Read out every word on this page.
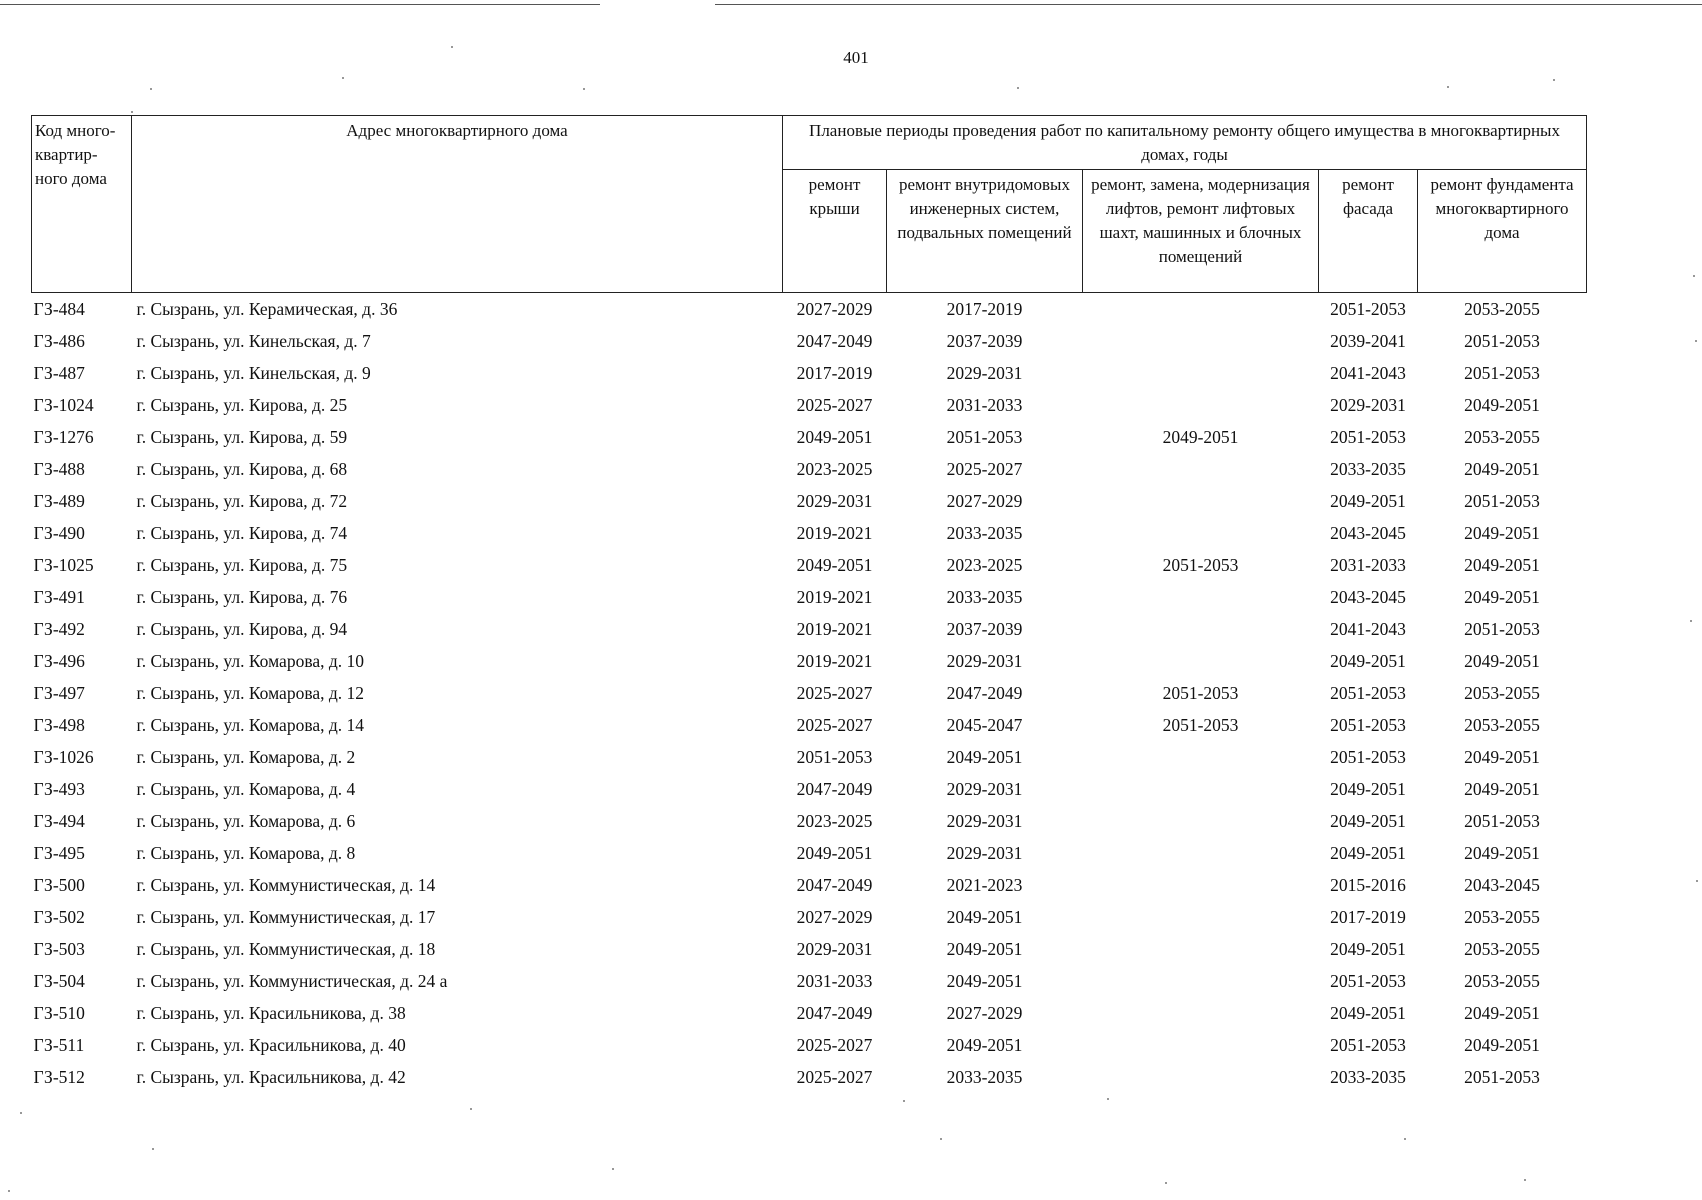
401
Код много-квартир-ного дома	Адрес многоквартирного дома	Плановые периоды проведения работ по капитальному ремонту общего имущества в многоквартирных домах, годы				
		ремонт крыши	ремонт внутридомовых инженерных систем, подвальных помещений	ремонт, замена, модернизация лифтов, ремонт лифтовых шахт, машинных и блочных помещений	ремонт фасада	ремонт фундамента многоквартирного дома
ГЗ-484	г. Сызрань, ул. Керамическая, д. 36	2027-2029	2017-2019		2051-2053	2053-2055
ГЗ-486	г. Сызрань, ул. Кинельская, д. 7	2047-2049	2037-2039		2039-2041	2051-2053
ГЗ-487	г. Сызрань, ул. Кинельская, д. 9	2017-2019	2029-2031		2041-2043	2051-2053
ГЗ-1024	г. Сызрань, ул. Кирова, д. 25	2025-2027	2031-2033		2029-2031	2049-2051
ГЗ-1276	г. Сызрань, ул. Кирова, д. 59	2049-2051	2051-2053	2049-2051	2051-2053	2053-2055
ГЗ-488	г. Сызрань, ул. Кирова, д. 68	2023-2025	2025-2027		2033-2035	2049-2051
ГЗ-489	г. Сызрань, ул. Кирова, д. 72	2029-2031	2027-2029		2049-2051	2051-2053
ГЗ-490	г. Сызрань, ул. Кирова, д. 74	2019-2021	2033-2035		2043-2045	2049-2051
ГЗ-1025	г. Сызрань, ул. Кирова, д. 75	2049-2051	2023-2025	2051-2053	2031-2033	2049-2051
ГЗ-491	г. Сызрань, ул. Кирова, д. 76	2019-2021	2033-2035		2043-2045	2049-2051
ГЗ-492	г. Сызрань, ул. Кирова, д. 94	2019-2021	2037-2039		2041-2043	2051-2053
ГЗ-496	г. Сызрань, ул. Комарова, д. 10	2019-2021	2029-2031		2049-2051	2049-2051
ГЗ-497	г. Сызрань, ул. Комарова, д. 12	2025-2027	2047-2049	2051-2053	2051-2053	2053-2055
ГЗ-498	г. Сызрань, ул. Комарова, д. 14	2025-2027	2045-2047	2051-2053	2051-2053	2053-2055
ГЗ-1026	г. Сызрань, ул. Комарова, д. 2	2051-2053	2049-2051		2051-2053	2049-2051
ГЗ-493	г. Сызрань, ул. Комарова, д. 4	2047-2049	2029-2031		2049-2051	2049-2051
ГЗ-494	г. Сызрань, ул. Комарова, д. 6	2023-2025	2029-2031		2049-2051	2051-2053
ГЗ-495	г. Сызрань, ул. Комарова, д. 8	2049-2051	2029-2031		2049-2051	2049-2051
ГЗ-500	г. Сызрань, ул. Коммунистическая, д. 14	2047-2049	2021-2023		2015-2016	2043-2045
ГЗ-502	г. Сызрань, ул. Коммунистическая, д. 17	2027-2029	2049-2051		2017-2019	2053-2055
ГЗ-503	г. Сызрань, ул. Коммунистическая, д. 18	2029-2031	2049-2051		2049-2051	2053-2055
ГЗ-504	г. Сызрань, ул. Коммунистическая, д. 24 а	2031-2033	2049-2051		2051-2053	2053-2055
ГЗ-510	г. Сызрань, ул. Красильникова, д. 38	2047-2049	2027-2029		2049-2051	2049-2051
ГЗ-511	г. Сызрань, ул. Красильникова, д. 40	2025-2027	2049-2051		2051-2053	2049-2051
ГЗ-512	г. Сызрань, ул. Красильникова, д. 42	2025-2027	2033-2035		2033-2035	2051-2053
